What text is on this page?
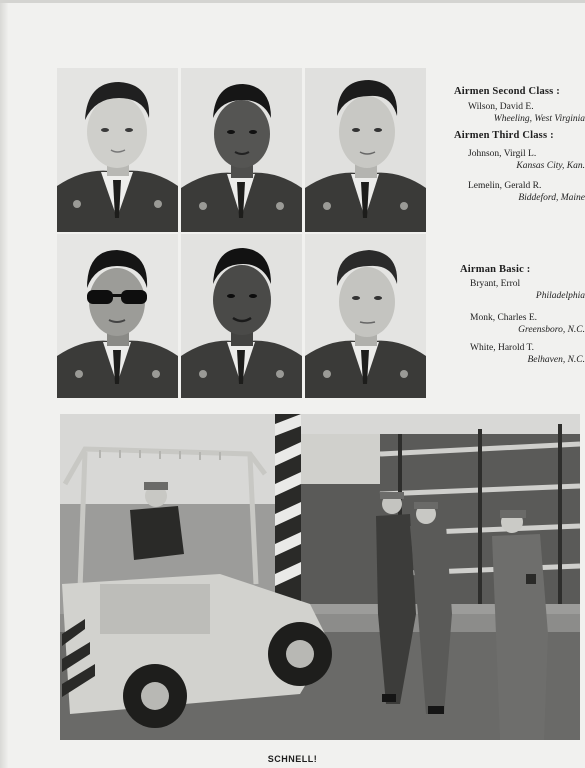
Airmen Second Class :
Wilson, David E.
Wheeling, West Virginia
Airmen Third Class :
Johnson, Virgil L.
Kansas City, Kan.
Lemelin, Gerald R.
Biddeford, Maine
Airman Basic :
Bryant, Errol
Philadelphia
Monk, Charles E.
Greensboro, N.C.
White, Harold T.
Belhaven, N.C.
SCHNELL!
